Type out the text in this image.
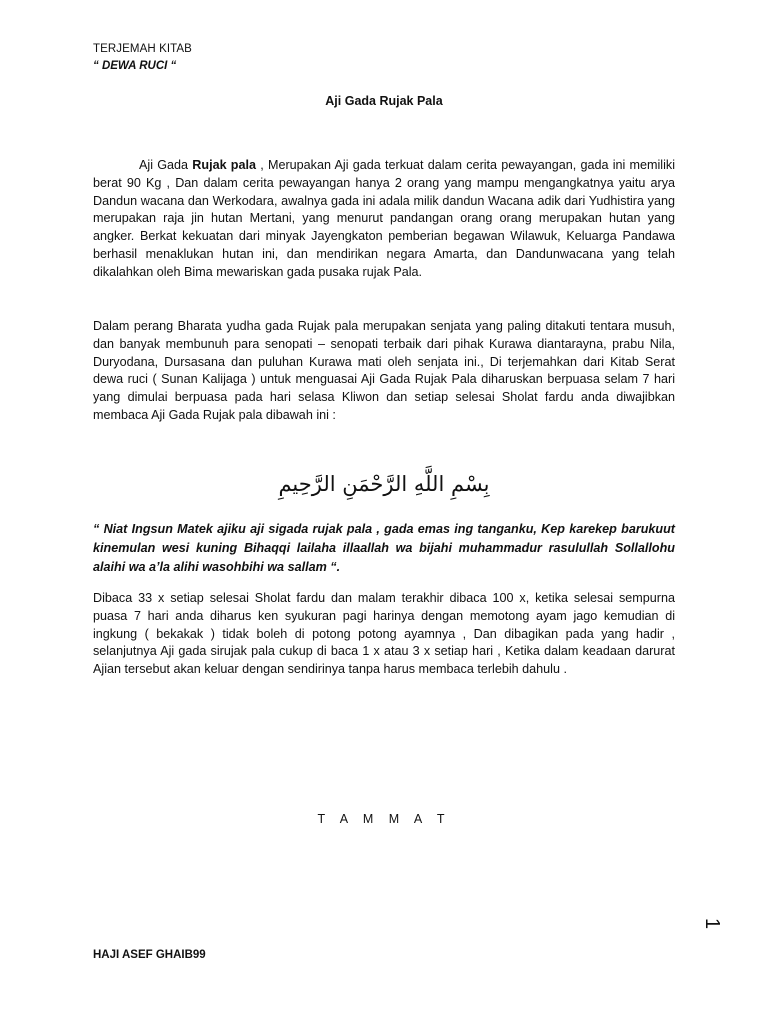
TERJEMAH KITAB
“ DEWA RUCI “
Aji Gada Rujak Pala
Aji Gada Rujak pala , Merupakan Aji gada terkuat dalam cerita pewayangan, gada ini memiliki berat 90 Kg , Dan dalam cerita pewayangan hanya 2 orang yang mampu mengangkatnya yaitu arya Dandun wacana dan Werkodara, awalnya gada ini adala milik dandun Wacana adik dari Yudhistira yang merupakan raja jin hutan Mertani, yang menurut pandangan orang orang merupakan hutan yang angker. Berkat kekuatan dari minyak Jayengkaton pemberian begawan Wilawuk, Keluarga Pandawa berhasil menaklukan hutan ini, dan mendirikan negara Amarta, dan Dandunwacana yang telah dikalahkan oleh Bima mewariskan gada pusaka rujak Pala.
Dalam perang Bharata yudha gada Rujak pala merupakan senjata yang paling ditakuti tentara musuh, dan banyak membunuh para senopati – senopati terbaik dari pihak Kurawa diantarayna, prabu Nila, Duryodana, Dursasana dan puluhan Kurawa mati oleh senjata ini., Di terjemahkan dari Kitab Serat dewa ruci ( Sunan Kalijaga ) untuk menguasai Aji Gada Rujak Pala diharuskan berpuasa selam 7 hari yang dimulai berpuasa pada hari selasa Kliwon dan setiap selesai Sholat fardu anda diwajibkan membaca Aji Gada Rujak pala dibawah ini :
بِسْمِ اللَّهِ الرَّحْمَنِ الرَّحِيمِ
“ Niat Ingsun Matek ajiku aji sigada rujak pala , gada emas ing tanganku, Kep karekep barukuut kinemulan wesi kuning Bihaqqi lailaha illaallah wa bijahi muhammadur rasulullah Sollallohu alaihi wa a’la alihi wasohbihi wa sallam “.
Dibaca 33 x setiap selesai Sholat fardu dan malam terakhir dibaca 100 x, ketika selesai sempurna puasa 7 hari anda diharus ken syukuran pagi harinya dengan memotong ayam jago kemudian di ingkung ( bekakak ) tidak boleh di potong potong ayamnya , Dan dibagikan pada yang hadir , selanjutnya Aji gada sirujak pala cukup di baca 1 x atau 3 x setiap hari , Ketika dalam keadaan darurat Ajian tersebut akan keluar dengan sendirinya tanpa harus membaca terlebih dahulu .
T A M M A T
1
HAJI ASEF GHAIB99
